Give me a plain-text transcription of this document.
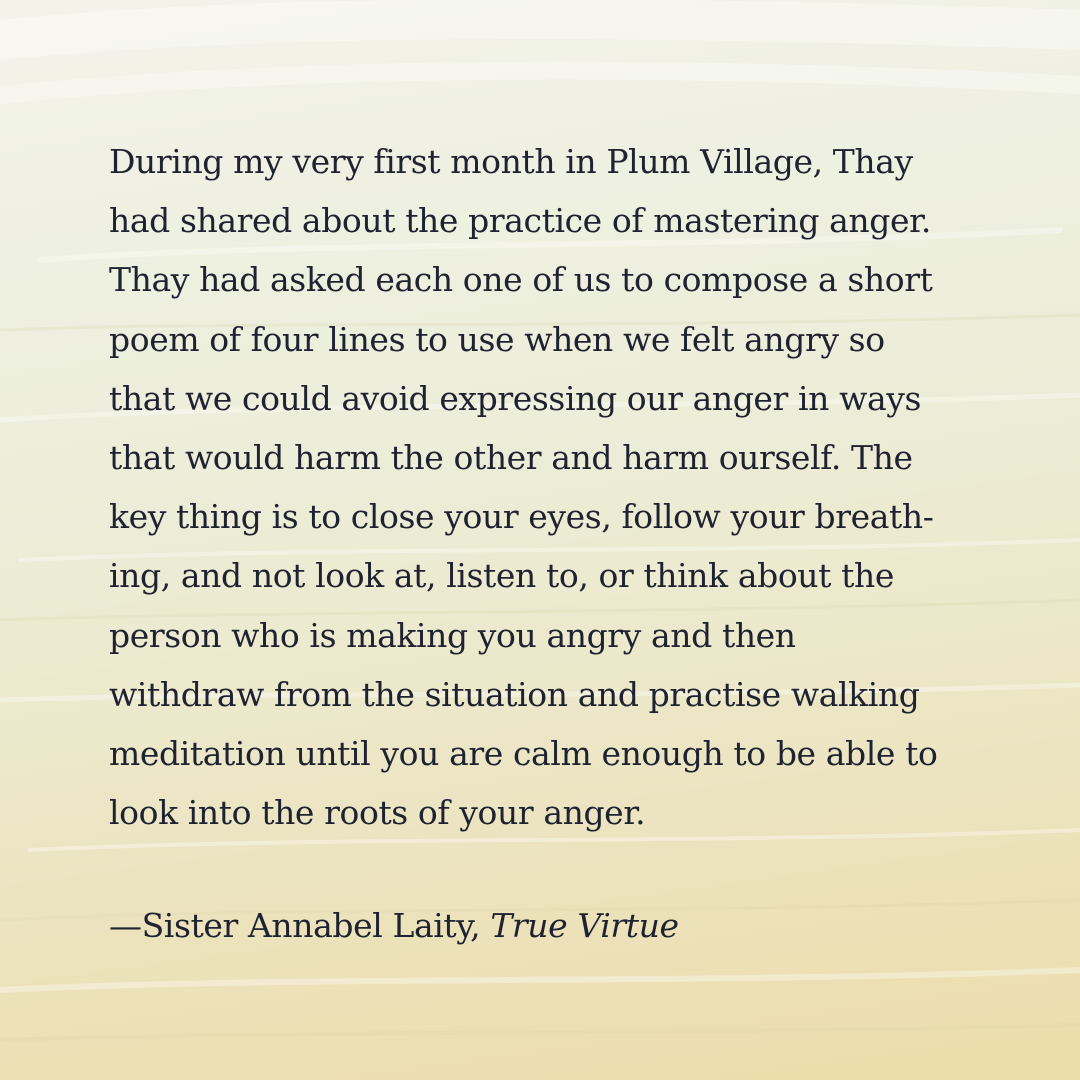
During my very first month in Plum Village, Thay
had shared about the practice of mastering anger.
Thay had asked each one of us to compose a short
poem of four lines to use when we felt angry so
that we could avoid expressing our anger in ways
that would harm the other and harm ourself. The
key thing is to close your eyes, follow your breath-
ing, and not look at, listen to, or think about the
person who is making you angry and then
withdraw from the situation and practise walking
meditation until you are calm enough to be able to
look into the roots of your anger.

—Sister Annabel Laity, True Virtue
